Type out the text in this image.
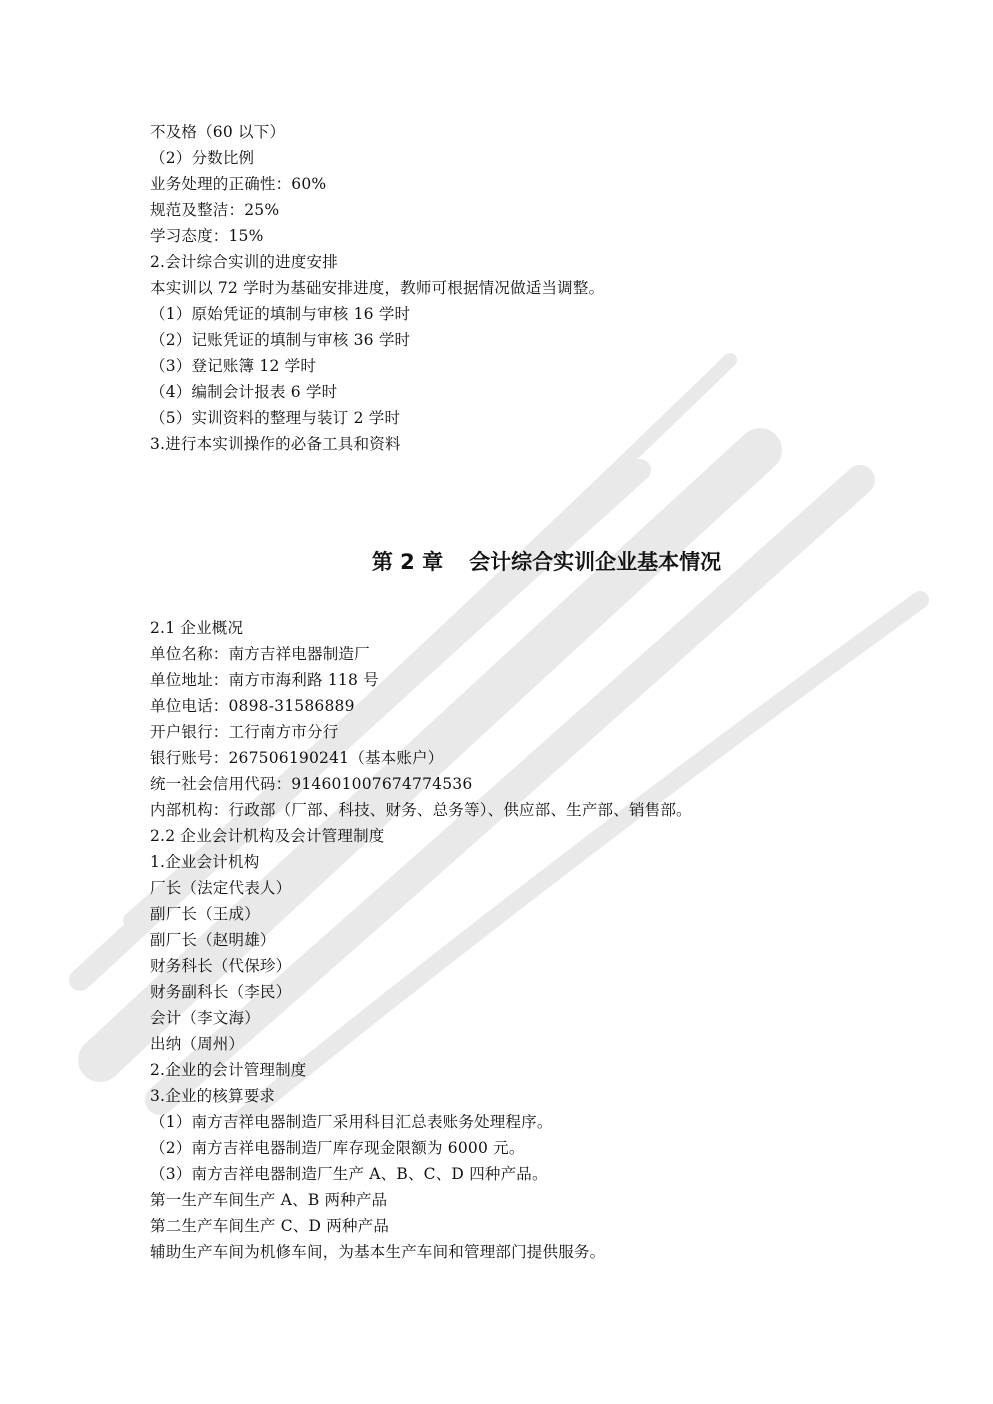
不及格（60 以下）
（2）分数比例
业务处理的正确性：60%
规范及整洁：25%
学习态度：15%
2.会计综合实训的进度安排
本实训以 72 学时为基础安排进度，教师可根据情况做适当调整。
（1）原始凭证的填制与审核 16 学时
（2）记账凭证的填制与审核 36 学时
（3）登记账簿 12 学时
（4）编制会计报表 6 学时
（5）实训资料的整理与装订 2 学时
3.进行本实训操作的必备工具和资料
第 2 章 会计综合实训企业基本情况
2.1 企业概况
单位名称：南方吉祥电器制造厂
单位地址：南方市海利路 118 号
单位电话：0898-31586889
开户银行：工行南方市分行
银行账号：267506190241（基本账户）
统一社会信用代码：914601007674774536
内部机构：行政部（厂部、科技、财务、总务等）、供应部、生产部、销售部。
2.2 企业会计机构及会计管理制度
1.企业会计机构
厂长（法定代表人）
副厂长（王成）
副厂长（赵明雄）
财务科长（代保珍）
财务副科长（李民）
会计（李文海）
出纳（周州）
2.企业的会计管理制度
3.企业的核算要求
（1）南方吉祥电器制造厂采用科目汇总表账务处理程序。
（2）南方吉祥电器制造厂库存现金限额为 6000 元。
（3）南方吉祥电器制造厂生产 A、B、C、D 四种产品。
第一生产车间生产 A、B 两种产品
第二生产车间生产 C、D 两种产品
辅助生产车间为机修车间，为基本生产车间和管理部门提供服务。
